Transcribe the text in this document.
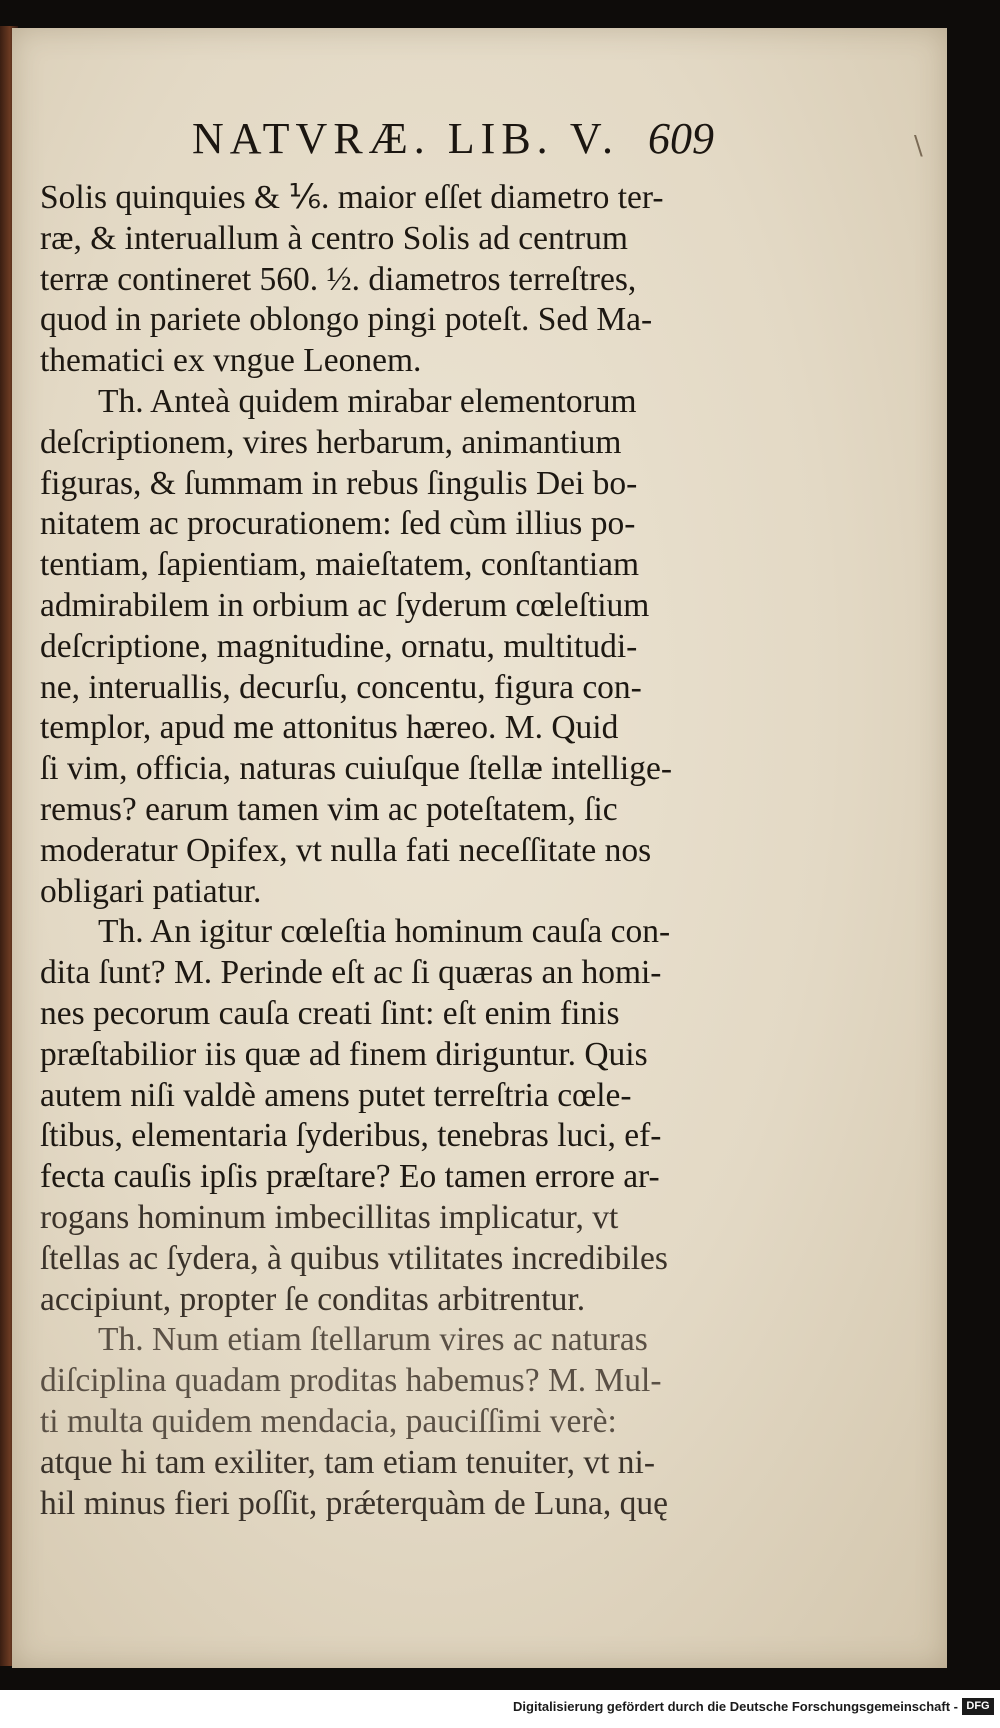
NATVRÆ. LIB. V. 609	\
Solis quinquies & ⅙. maior eſſet diametro ter-
ræ, & interuallum à centro Solis ad centrum
terræ contineret 560. ½. diametros terreſtres,
quod in pariete oblongo pingi poteſt. Sed Ma-
thematici ex vngue Leonem.
Th. Anteà quidem mirabar elementorum
deſcriptionem, vires herbarum, animantium
figuras, & ſummam in rebus ſingulis Dei bo-
nitatem ac procurationem: ſed cùm illius po-
tentiam, ſapientiam, maieſtatem, conſtantiam
admirabilem in orbium ac ſyderum cœleſtium
deſcriptione, magnitudine, ornatu, multitudi-
ne, interuallis, decurſu, concentu, figura con-
templor, apud me attonitus hæreo. M. Quid
ſi vim, officia, naturas cuiuſque ſtellæ intellige-
remus? earum tamen vim ac poteſtatem, ſic
moderatur Opifex, vt nulla fati neceſſitate nos
obligari patiatur.
Th. An igitur cœleſtia hominum cauſa con-
dita ſunt? M. Perinde eſt ac ſi quæras an homi-
nes pecorum cauſa creati ſint: eſt enim finis
præſtabilior iis quæ ad finem diriguntur. Quis
autem niſi valdè amens putet terreſtria cœle-
ſtibus, elementaria ſyderibus, tenebras luci, ef-
fecta cauſis ipſis præſtare? Eo tamen errore ar-
rogans hominum imbecillitas implicatur, vt
ſtellas ac ſydera, à quibus vtilitates incredibiles
accipiunt, propter ſe conditas arbitrentur.
Th. Num etiam ſtellarum vires ac naturas
diſciplina quadam proditas habemus? M. Mul-
ti multa quidem mendacia, pauciſſimi verè:
atque hi tam exiliter, tam etiam tenuiter, vt ni-
hil minus fieri poſſit, prǽterquàm de Luna, quę
Digitalisierung gefördert durch die Deutsche Forschungsgemeinschaft - DFG
